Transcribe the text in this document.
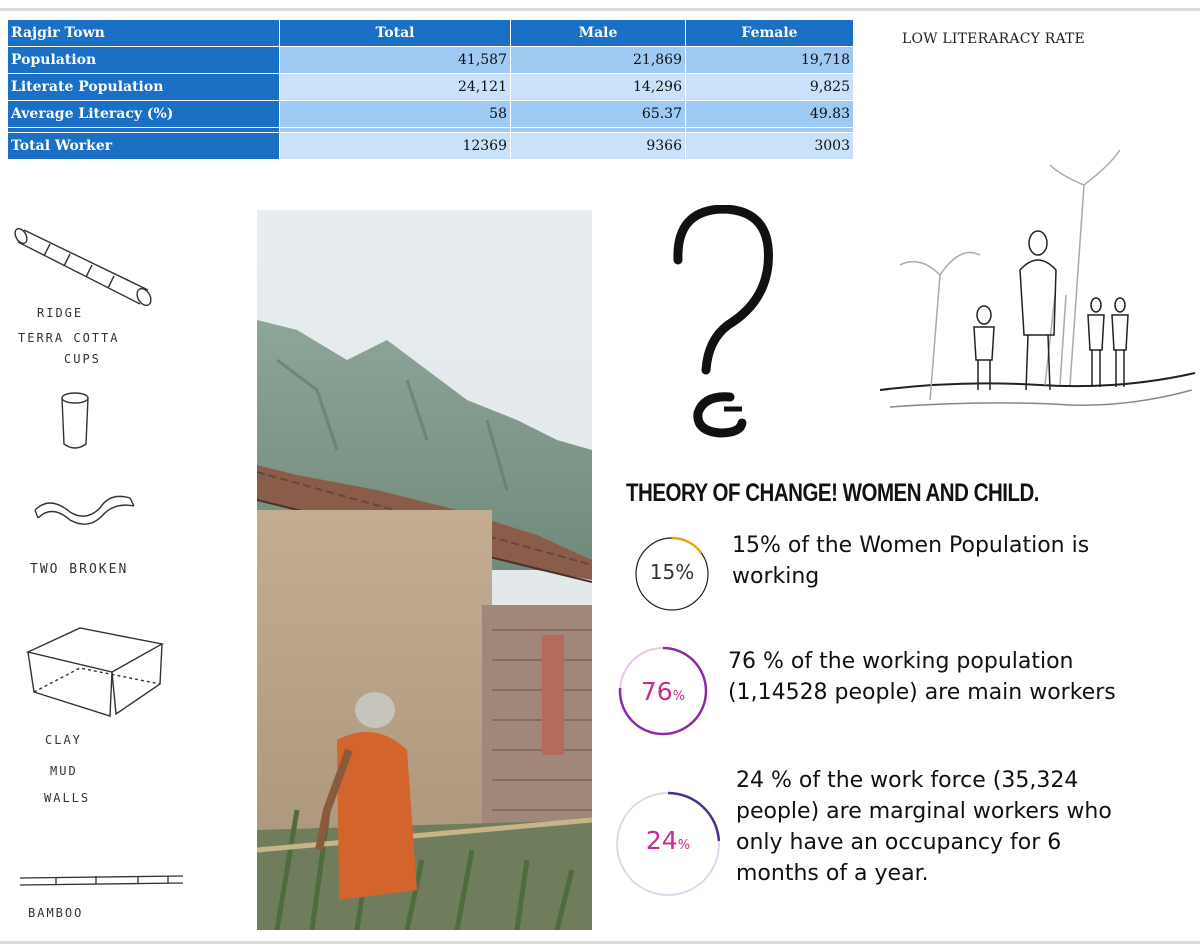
Rajgir Town	Total	Male	Female
Population	41,587	21,869	19,718
Literate Population	24,121	14,296	9,825
Average Literacy (%)	58	65.37	49.83

Total Worker	12369	9366	3003
LOW LITERARACY RATE
RIDGE
TERRA COTTA
CUPS
TWO BROKEN
CLAY
MUD
WALLS
BAMBOO
THEORY OF CHANGE! WOMEN AND CHILD.
15%
15% of the Women Population is
working
76%
76 % of the working population
(1,14528 people) are main workers
24%
24 % of the work force (35,324
people) are marginal workers who
only have an occupancy for 6
months of a year.
